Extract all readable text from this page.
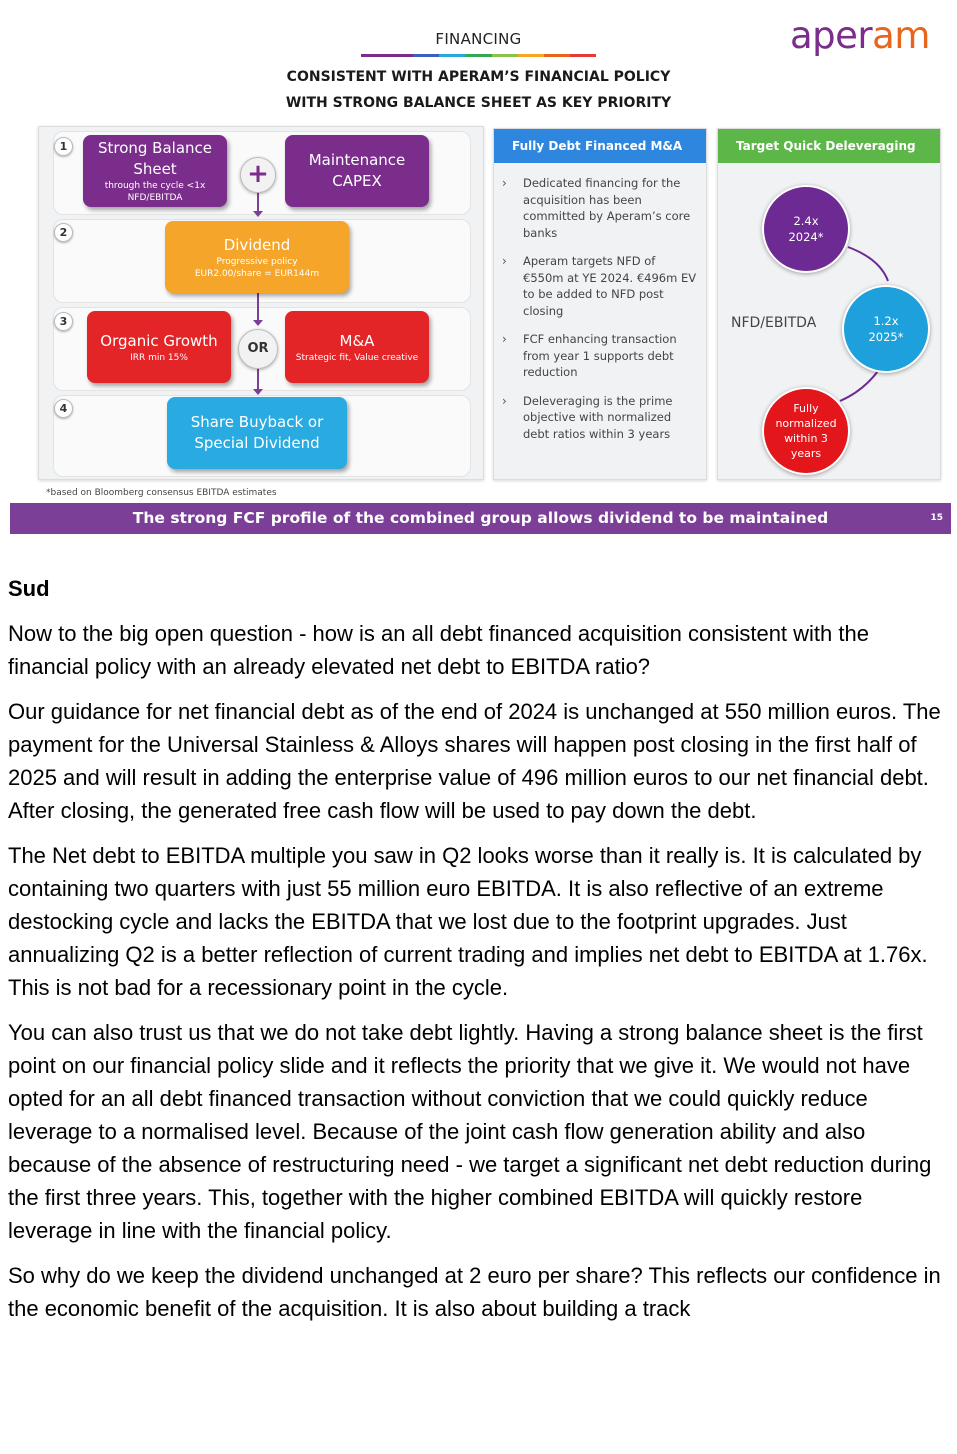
FINANCING
CONSISTENT WITH APERAM’S FINANCIAL POLICY
WITH STRONG BALANCE SHEET AS KEY PRIORITY
aperam
1
2
3
4
Strong Balance
Sheet
through the cycle <1x
NFD/EBITDA
+	Maintenance
CAPEX
Dividend
Progressive policy
EUR2.00/share = EUR144m
Organic Growth
IRR min 15%
OR	M&A
Strategic fit, Value creative
Share Buyback or
Special Dividend
Fully Debt Financed M&A
› Dedicated financing for the acquisition has been committed by Aperam’s core banks
› Aperam targets NFD of €550m at YE 2024. €496m EV to be added to NFD post closing
› FCF enhancing transaction from year 1 supports debt reduction
› Deleveraging is the prime objective with normalized debt ratios within 3 years
Target Quick Deleveraging
NFD/EBITDA
2.4x
2024*
1.2x
2025*
Fully
normalized
within 3
years
*based on Bloomberg consensus EBITDA estimates
The strong FCF profile of the combined group allows dividend to be maintained	15
Sud

Now to the big open question - how is an all debt financed acquisition consistent with the financial policy with an already elevated net debt to EBITDA ratio?

Our guidance for net financial debt as of the end of 2024 is unchanged at 550 million euros. The payment for the Universal Stainless & Alloys shares will happen post closing in the first half of 2025 and will result in adding the enterprise value of 496 million euros to our net financial debt. After closing, the generated free cash flow will be used to pay down the debt.

The Net debt to EBITDA multiple you saw in Q2 looks worse than it really is. It is calculated by containing two quarters with just 55 million euro EBITDA. It is also reflective of an extreme destocking cycle and lacks the EBITDA that we lost due to the footprint upgrades. Just annualizing Q2 is a better reflection of current trading and implies net debt to EBITDA at 1.76x. This is not bad for a recessionary point in the cycle.

You can also trust us that we do not take debt lightly. Having a strong balance sheet is the first point on our financial policy slide and it reflects the priority that we give it. We would not have opted for an all debt financed transaction without conviction that we could quickly reduce leverage to a normalised level. Because of the joint cash flow generation ability and also because of the absence of restructuring need - we target a significant net debt reduction during the first three years. This, together with the higher combined EBITDA will quickly restore leverage in line with the financial policy.

So why do we keep the dividend unchanged at 2 euro per share? This reflects our confidence in the economic benefit of the acquisition. It is also about building a track
